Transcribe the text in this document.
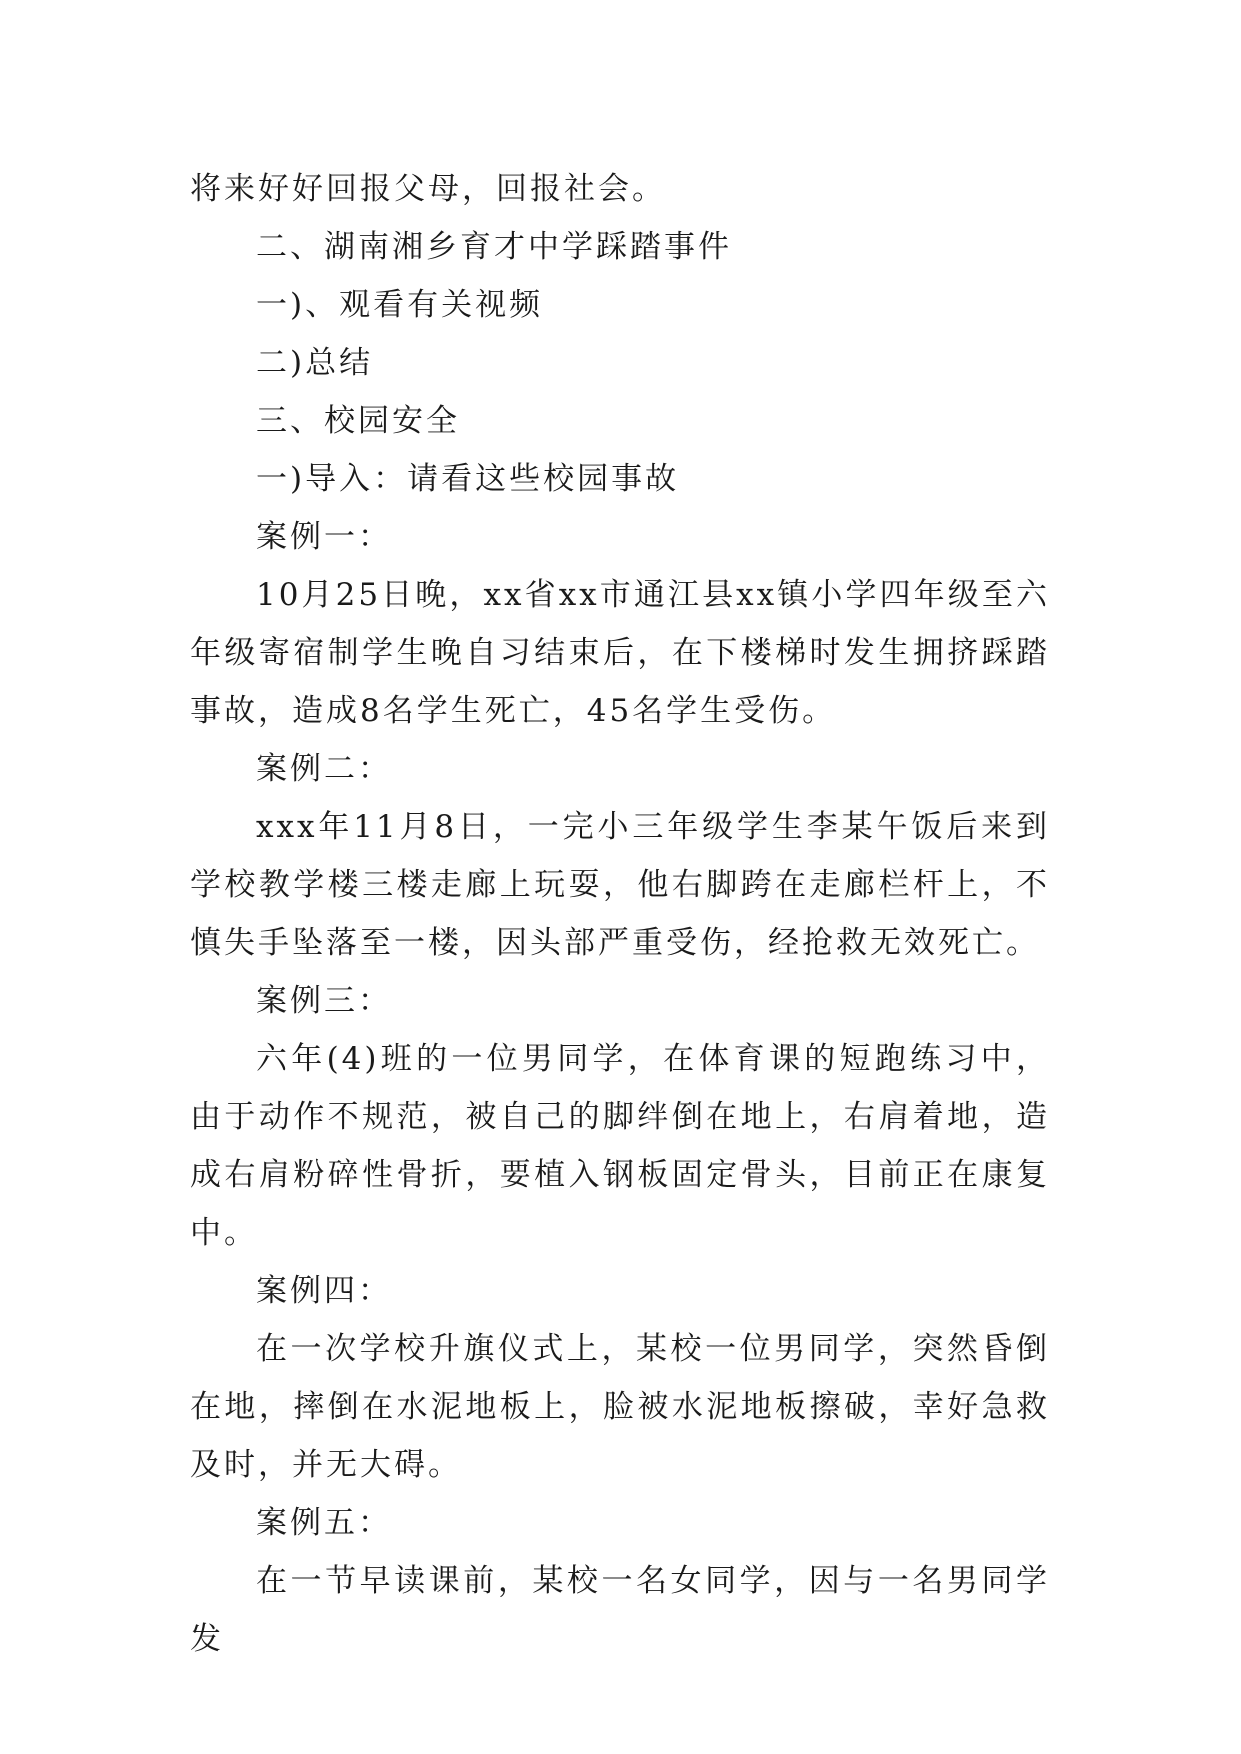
将来好好回报父母，回报社会。

二、湖南湘乡育才中学踩踏事件

一)、观看有关视频

二)总结

三、校园安全

一)导入：请看这些校园事故

案例一：

10月25日晚，xx省xx市通江县xx镇小学四年级至六年级寄宿制学生晚自习结束后，在下楼梯时发生拥挤踩踏事故，造成8名学生死亡，45名学生受伤。

案例二：

xxx年11月8日，一完小三年级学生李某午饭后来到学校教学楼三楼走廊上玩耍，他右脚跨在走廊栏杆上，不慎失手坠落至一楼，因头部严重受伤，经抢救无效死亡。

案例三：

六年(4)班的一位男同学，在体育课的短跑练习中，由于动作不规范，被自己的脚绊倒在地上，右肩着地，造成右肩粉碎性骨折，要植入钢板固定骨头，目前正在康复中。

案例四：

在一次学校升旗仪式上，某校一位男同学，突然昏倒在地，摔倒在水泥地板上，脸被水泥地板擦破，幸好急救及时，并无大碍。

案例五：

在一节早读课前，某校一名女同学，因与一名男同学发
